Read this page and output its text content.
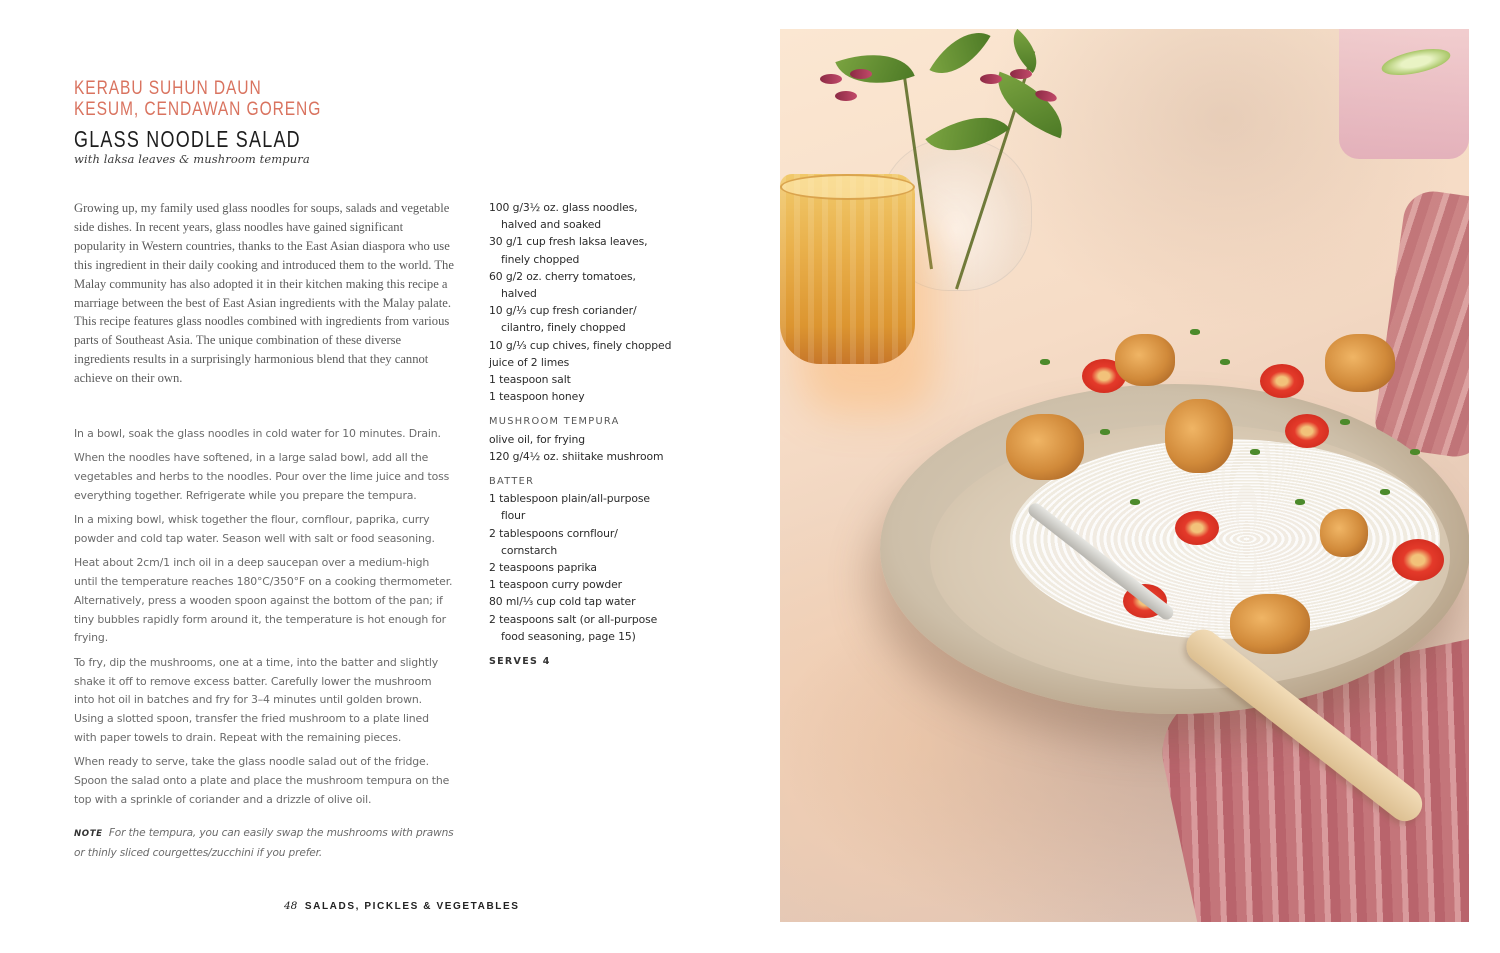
KERABU SUHUN DAUN
KESUM, CENDAWAN GORENG
GLASS NOODLE SALAD
with laksa leaves & mushroom tempura

Growing up, my family used glass noodles for soups, salads and vegetable side dishes. In recent years, glass noodles have gained significant popularity in Western countries, thanks to the East Asian diaspora who use this ingredient in their daily cooking and introduced them to the world. The Malay community has also adopted it in their kitchen making this recipe a marriage between the best of East Asian ingredients with the Malay palate. This recipe features glass noodles combined with ingredients from various parts of Southeast Asia. The unique combination of these diverse ingredients results in a surprisingly harmonious blend that they cannot achieve on their own.

In a bowl, soak the glass noodles in cold water for 10 minutes. Drain.

When the noodles have softened, in a large salad bowl, add all the vegetables and herbs to the noodles. Pour over the lime juice and toss everything together. Refrigerate while you prepare the tempura.

In a mixing bowl, whisk together the flour, cornflour, paprika, curry powder and cold tap water. Season well with salt or food seasoning.

Heat about 2cm/1 inch oil in a deep saucepan over a medium-high until the temperature reaches 180°C/350°F on a cooking thermometer. Alternatively, press a wooden spoon against the bottom of the pan; if tiny bubbles rapidly form around it, the temperature is hot enough for frying.

To fry, dip the mushrooms, one at a time, into the batter and slightly shake it off to remove excess batter. Carefully lower the mushroom into hot oil in batches and fry for 3–4 minutes until golden brown. Using a slotted spoon, transfer the fried mushroom to a plate lined with paper towels to drain. Repeat with the remaining pieces.

When ready to serve, take the glass noodle salad out of the fridge. Spoon the salad onto a plate and place the mushroom tempura on the top with a sprinkle of coriander and a drizzle of olive oil.

NOTE For the tempura, you can easily swap the mushrooms with prawns or thinly sliced courgettes/zucchini if you prefer.
100 g/3½ oz. glass noodles,
halved and soaked
30 g/1 cup fresh laksa leaves,
finely chopped
60 g/2 oz. cherry tomatoes,
halved
10 g/⅓ cup fresh coriander/
cilantro, finely chopped
10 g/⅓ cup chives, finely chopped
juice of 2 limes
1 teaspoon salt
1 teaspoon honey
MUSHROOM TEMPURA
olive oil, for frying
120 g/4½ oz. shiitake mushroom
BATTER
1 tablespoon plain/all-purpose
flour
2 tablespoons cornflour/
cornstarch
2 teaspoons paprika
1 teaspoon curry powder
80 ml/⅓ cup cold tap water
2 teaspoons salt (or all-purpose
food seasoning, page 15)
SERVES 4
48 SALADS, PICKLES & VEGETABLES
